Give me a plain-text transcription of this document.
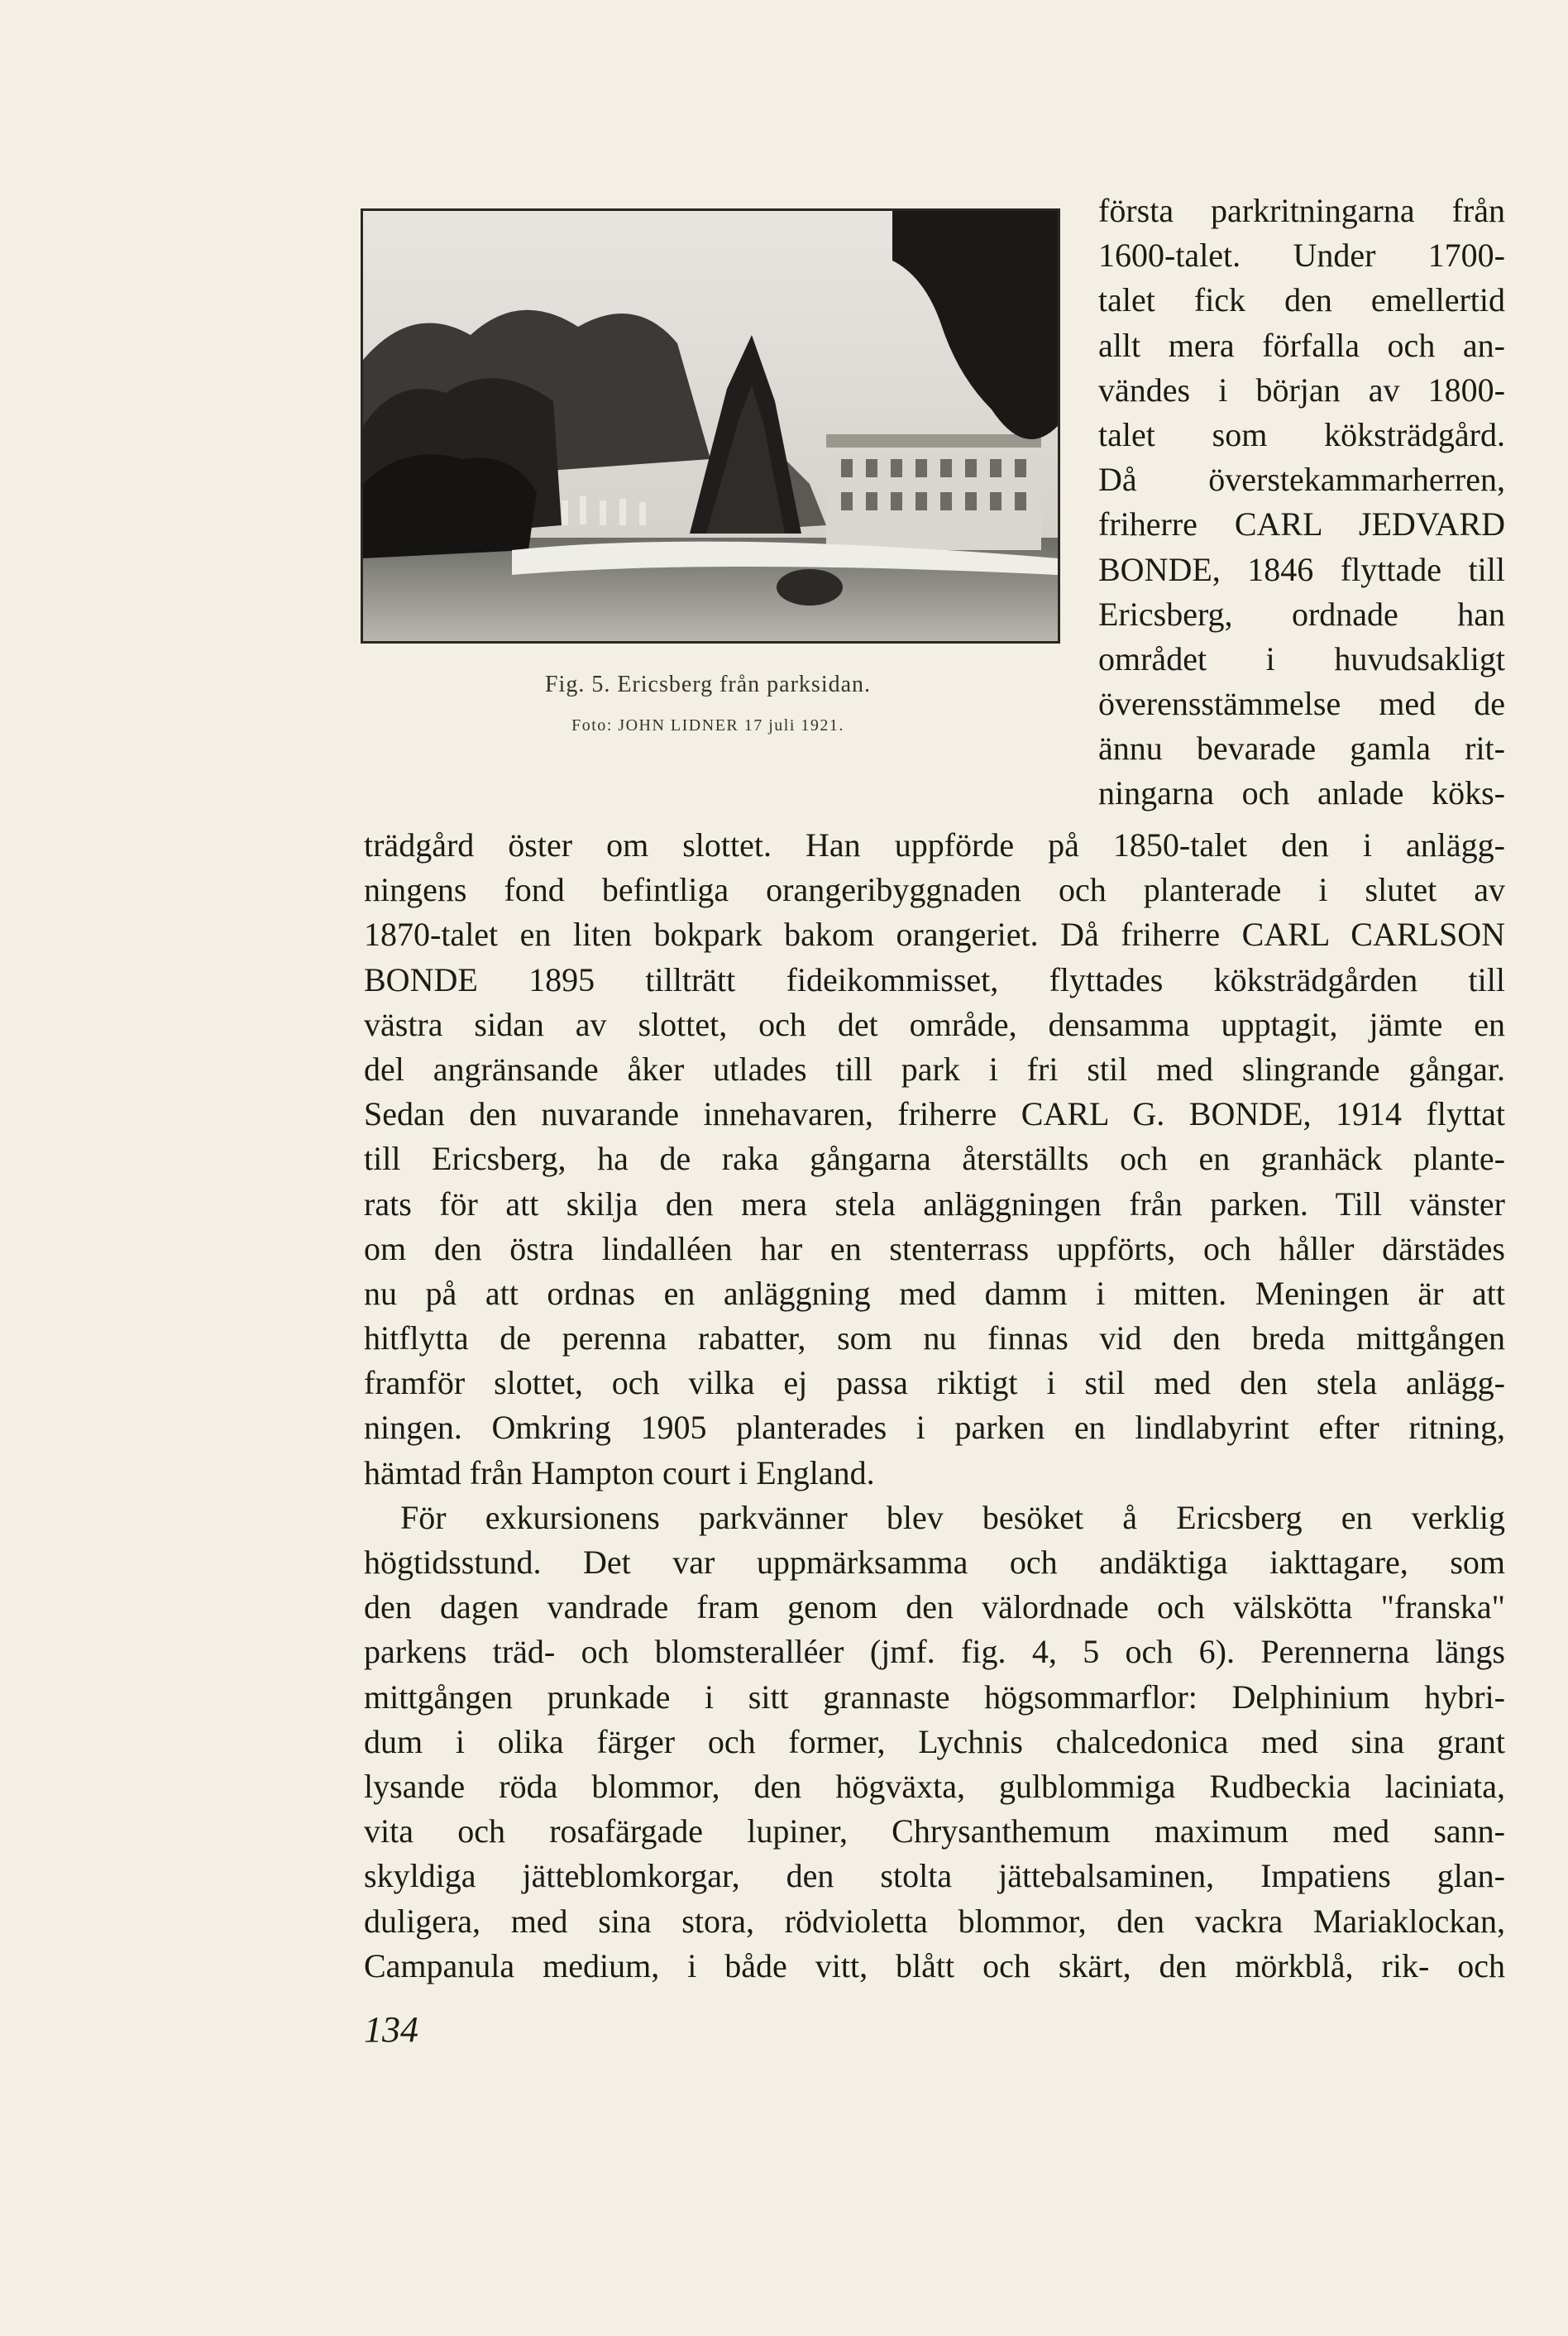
Fig. 5. Ericsberg från parksidan.
Foto: JOHN LIDNER 17 juli 1921.
första parkritningarna från
1600-talet. Under 1700-
talet fick den emellertid
allt mera förfalla och an-
vändes i början av 1800-
talet som köksträdgård.
Då överstekammarherren,
friherre CARL JEDVARD
BONDE, 1846 flyttade till
Ericsberg, ordnade han
området i huvudsakligt
överensstämmelse med de
ännu bevarade gamla rit-
ningarna och anlade köks-
trädgård öster om slottet. Han uppförde på 1850-talet den i anlägg-
ningens fond befintliga orangeribyggnaden och planterade i slutet av
1870-talet en liten bokpark bakom orangeriet. Då friherre CARL CARLSON
BONDE 1895 tillträtt fideikommisset, flyttades köksträdgården till
västra sidan av slottet, och det område, densamma upptagit, jämte en
del angränsande åker utlades till park i fri stil med slingrande gångar.
Sedan den nuvarande innehavaren, friherre CARL G. BONDE, 1914 flyttat
till Ericsberg, ha de raka gångarna återställts och en granhäck plante-
rats för att skilja den mera stela anläggningen från parken. Till vänster
om den östra lindalléen har en stenterrass uppförts, och håller därstädes
nu på att ordnas en anläggning med damm i mitten. Meningen är att
hitflytta de perenna rabatter, som nu finnas vid den breda mittgången
framför slottet, och vilka ej passa riktigt i stil med den stela anlägg-
ningen. Omkring 1905 planterades i parken en lindlabyrint efter ritning,
hämtad från Hampton court i England.
För exkursionens parkvänner blev besöket å Ericsberg en verklig
högtidsstund. Det var uppmärksamma och andäktiga iakttagare, som
den dagen vandrade fram genom den välordnade och välskötta "franska"
parkens träd- och blomsteralléer (jmf. fig. 4, 5 och 6). Perennerna längs
mittgången prunkade i sitt grannaste högsommarflor: Delphinium hybri-
dum i olika färger och former, Lychnis chalcedonica med sina grant
lysande röda blommor, den högväxta, gulblommiga Rudbeckia laciniata,
vita och rosafärgade lupiner, Chrysanthemum maximum med sann-
skyldiga jätteblomkorgar, den stolta jättebalsaminen, Impatiens glan-
duligera, med sina stora, rödvioletta blommor, den vackra Mariaklockan,
Campanula medium, i både vitt, blått och skärt, den mörkblå, rik- och
134
